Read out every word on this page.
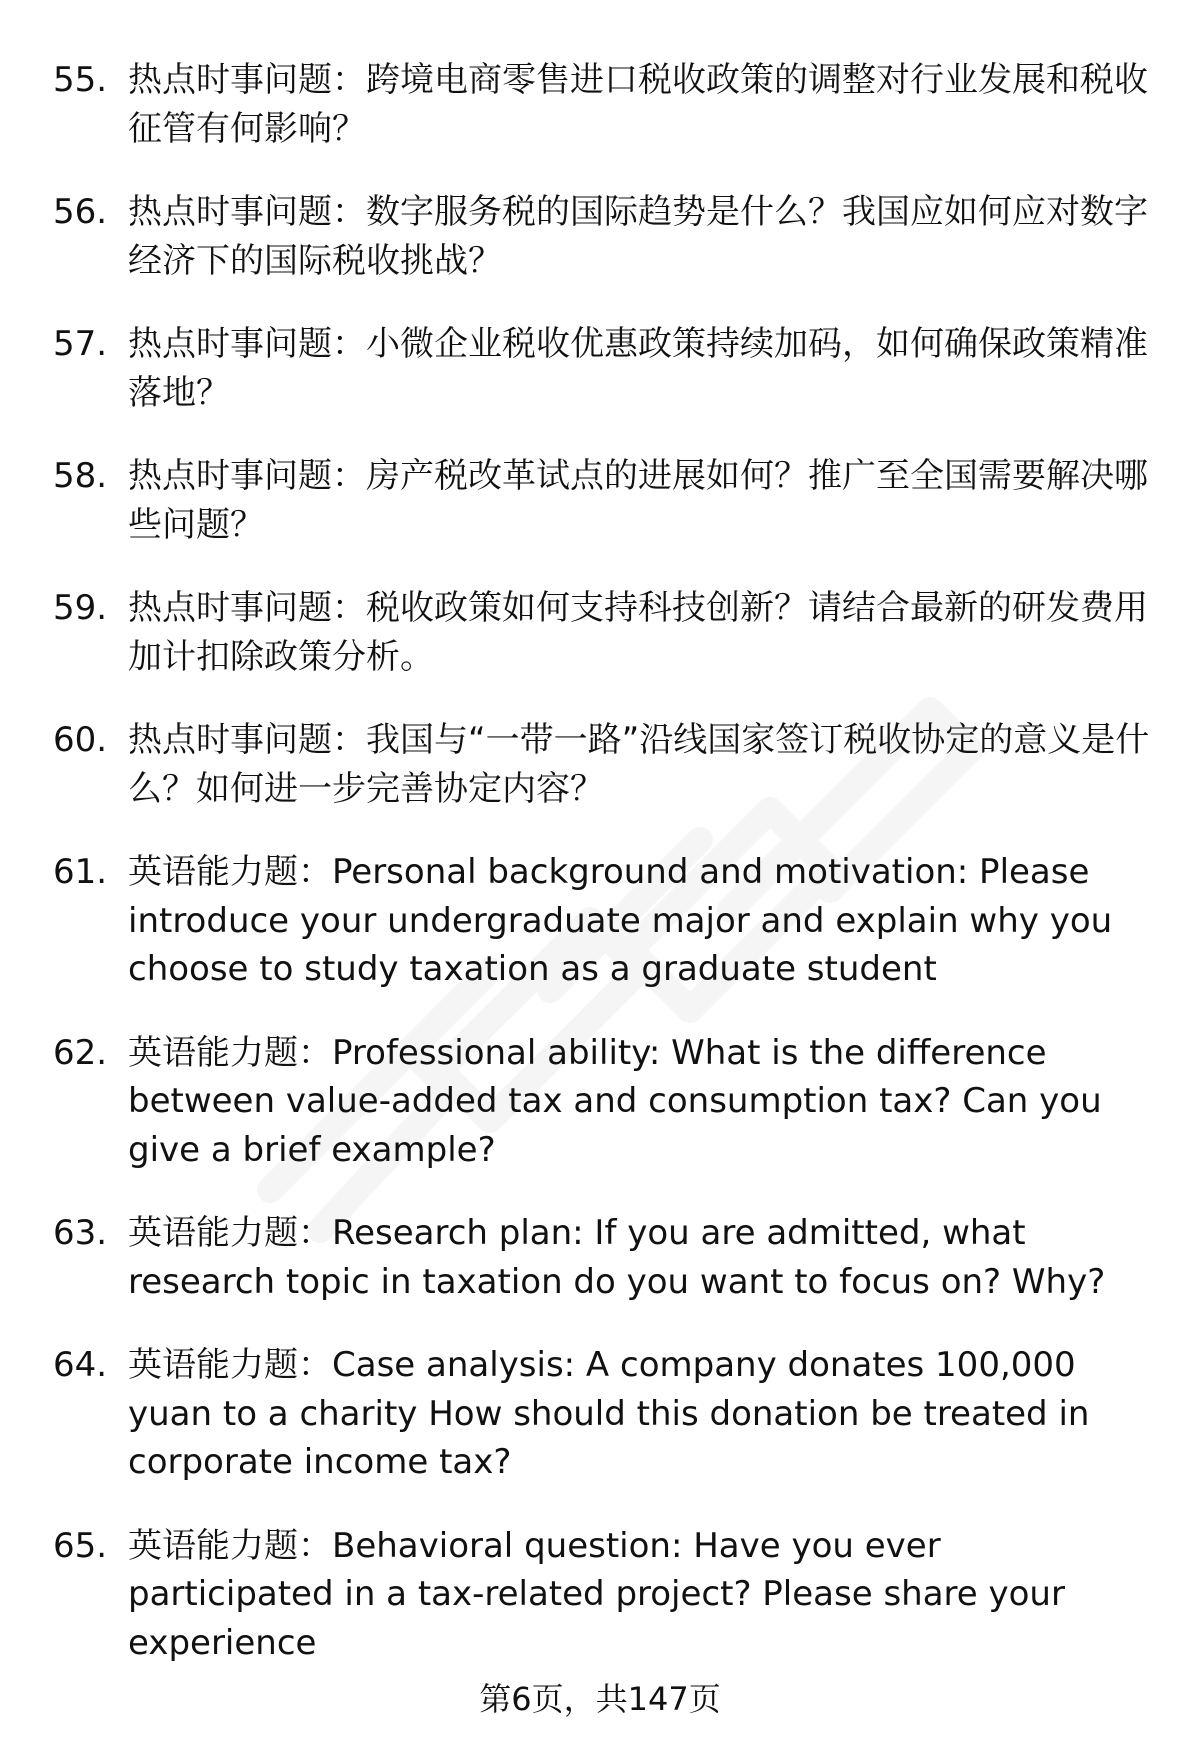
55. 热点时事问题：跨境电商零售进口税收政策的调整对行业发展和税收征管有何影响？
56. 热点时事问题：数字服务税的国际趋势是什么？我国应如何应对数字经济下的国际税收挑战？
57. 热点时事问题：小微企业税收优惠政策持续加码，如何确保政策精准落地？
58. 热点时事问题：房产税改革试点的进展如何？推广至全国需要解决哪些问题？
59. 热点时事问题：税收政策如何支持科技创新？请结合最新的研发费用加计扣除政策分析。
60. 热点时事问题：我国与“一带一路”沿线国家签订税收协定的意义是什么？如何进一步完善协定内容？
61. 英语能力题：Personal background and motivation: Please introduce your undergraduate major and explain why you choose to study taxation as a graduate student
62. 英语能力题：Professional ability: What is the difference between value-added tax and consumption tax? Can you give a brief example?
63. 英语能力题：Research plan: If you are admitted, what research topic in taxation do you want to focus on? Why?
64. 英语能力题：Case analysis: A company donates 100,000 yuan to a charity How should this donation be treated in corporate income tax?
65. 英语能力题：Behavioral question: Have you ever participated in a tax-related project? Please share your experience
第6页，共147页
